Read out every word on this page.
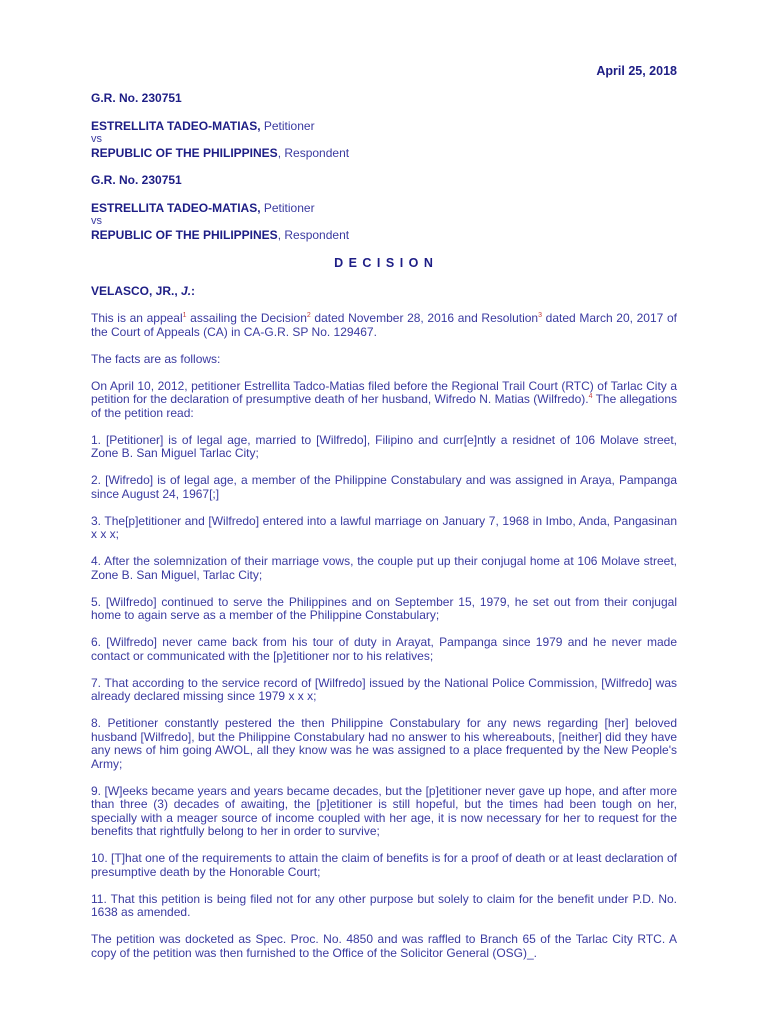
April 25, 2018

G.R. No. 230751

ESTRELLITA TADEO-MATIAS, Petitioner

vs

REPUBLIC OF THE PHILIPPINES, Respondent

G.R. No. 230751

ESTRELLITA TADEO-MATIAS, Petitioner

vs

REPUBLIC OF THE PHILIPPINES, Respondent

D E C I S I O N

VELASCO, JR., J.:

This is an appeal$^1$ assailing the Decision$^2$ dated November 28, 2016 and Resolution$^3$ dated March 20, 2017 of the Court of Appeals (CA) in CA-G.R. SP No. 129467.

The facts are as follows:

On April 10, 2012, petitioner Estrellita Tadco-Matias filed before the Regional Trail Court (RTC) of Tarlac City a petition for the declaration of presumptive death of her husband, Wifredo N. Matias (Wilfredo).$^4$ The allegations of the petition read:

1. [Petitioner] is of legal age, married to [Wilfredo], Filipino and curr[e]ntly a residnet of 106 Molave street, Zone B. San Miguel Tarlac City;

2. [Wifredo] is of legal age, a member of the Philippine Constabulary and was assigned in Araya, Pampanga since August 24, 1967[;]

3. The[p]etitioner and [Wilfredo] entered into a lawful marriage on January 7, 1968 in Imbo, Anda, Pangasinan x x x;

4. After the solemnization of their marriage vows, the couple put up their conjugal home at 106 Molave street, Zone B. San Miguel, Tarlac City;

5. [Wilfredo] continued to serve the Philippines and on September 15, 1979, he set out from their conjugal home to again serve as a member of the Philippine Constabulary;

6. [Wilfredo] never came back from his tour of duty in Arayat, Pampanga since 1979 and he never made contact or communicated with the [p]etitioner nor to his relatives;

7. That according to the service record of [Wilfredo] issued by the National Police Commission, [Wilfredo] was already declared missing since 1979 x x x;

8. Petitioner constantly pestered the then Philippine Constabulary for any news regarding [her] beloved husband [Wilfredo], but the Philippine Constabulary had no answer to his whereabouts, [neither] did they have any news of him going AWOL, all they know was he was assigned to a place frequented by the New People's Army;

9. [W]eeks became years and years became decades, but the [p]etitioner never gave up hope, and after more than three (3) decades of awaiting, the [p]etitioner is still hopeful, but the times had been tough on her, specially with a meager source of income coupled with her age, it is now necessary for her to request for the benefits that rightfully belong to her in order to survive;

10. [T]hat one of the requirements to attain the claim of benefits is for a proof of death or at least declaration of presumptive death by the Honorable Court;

11. That this petition is being filed not for any other purpose but solely to claim for the benefit under P.D. No. 1638 as amended.

The petition was docketed as Spec. Proc. No. 4850 and was raffled to Branch 65 of the Tarlac City RTC. A copy of the petition was then furnished to the Office of the Solicitor General (OSG)_.
